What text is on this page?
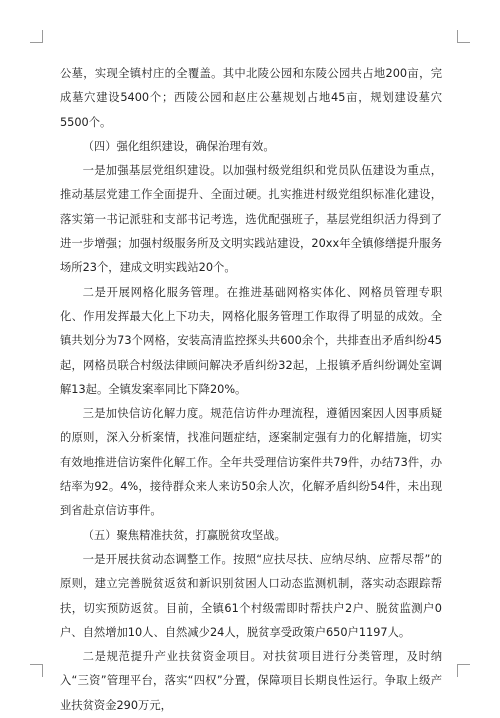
公墓，实现全镇村庄的全覆盖。其中北陵公园和东陵公园共占地200亩，完成墓穴建设5400个；西陵公园和赵庄公墓规划占地45亩，规划建设墓穴5500个。

（四）强化组织建设，确保治理有效。

一是加强基层党组织建设。以加强村级党组织和党员队伍建设为重点，推动基层党建工作全面提升、全面过硬。扎实推进村级党组织标准化建设，落实第一书记派驻和支部书记考选，选优配强班子，基层党组织活力得到了进一步增强；加强村级服务所及文明实践站建设，20xx年全镇修缮提升服务场所23个，建成文明实践站20个。

二是开展网格化服务管理。在推进基础网格实体化、网格员管理专职化、作用发挥最大化上下功夫，网格化服务管理工作取得了明显的成效。全镇共划分为73个网格，安装高清监控探头共600余个，共排查出矛盾纠纷45起，网格员联合村级法律顾问解决矛盾纠纷32起，上报镇矛盾纠纷调处室调解13起。全镇发案率同比下降20%。

三是加快信访化解力度。规范信访件办理流程，遵循因案因人因事质疑的原则，深入分析案情，找准问题症结，逐案制定强有力的化解措施，切实有效地推进信访案件化解工作。全年共受理信访案件共79件，办结73件，办结率为92。4%，接待群众来人来访50余人次，化解矛盾纠纷54件，未出现到省赴京信访事件。

（五）聚焦精准扶贫，打赢脱贫攻坚战。

一是开展扶贫动态调整工作。按照“应扶尽扶、应纳尽纳、应帮尽帮”的原则，建立完善脱贫返贫和新识别贫困人口动态监测机制，落实动态跟踪帮扶，切实预防返贫。目前，全镇61个村级需即时帮扶户2户、脱贫监测户0户、自然增加10人、自然减少24人，脱贫享受政策户650户1197人。

二是规范提升产业扶贫资金项目。对扶贫项目进行分类管理，及时纳入“三资”管理平台，落实“四权”分置，保障项目长期良性运行。争取上级产业扶贫资金290万元，
